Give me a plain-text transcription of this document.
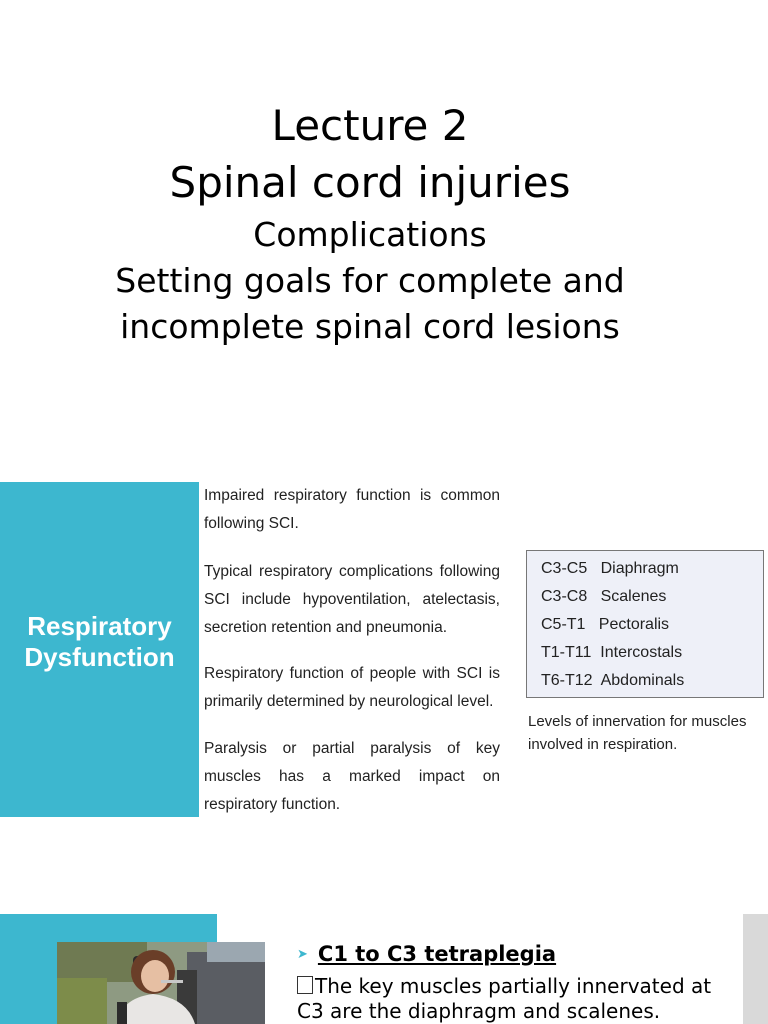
Lecture 2
Spinal cord injuries
Complications
Setting goals for complete and
incomplete spinal cord lesions
Respiratory
Dysfunction
Impaired respiratory function is common following SCI.
Typical respiratory complications following SCI include hypoventilation, atelectasis, secretion retention and pneumonia.
Respiratory function of people with SCI is primarily determined by neurological level.
Paralysis or partial paralysis of key muscles has a marked impact on respiratory function.
C3-C5 Diaphragm
C3-C8 Scalenes
C5-T1 Pectoralis
T1-T11 Intercostals
T6-T12 Abdominals
Levels of innervation for muscles involved in respiration.
➤ C1 to C3 tetraplegia
The key muscles partially innervated at
C3 are the diaphragm and scalenes.
